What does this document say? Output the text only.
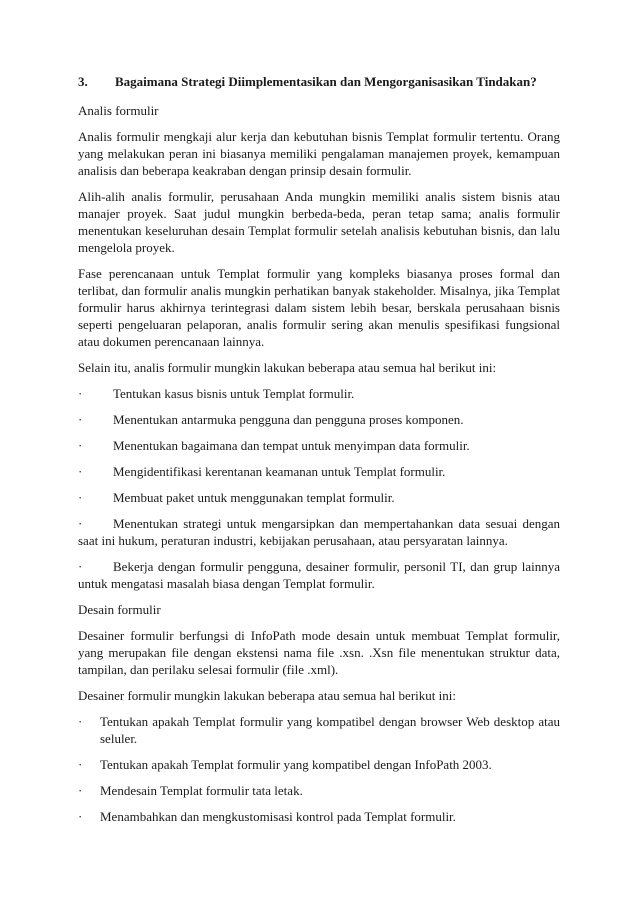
3.	Bagaimana Strategi Diimplementasikan dan Mengorganisasikan Tindakan?
Analis formulir

Analis formulir mengkaji alur kerja dan kebutuhan bisnis Templat formulir tertentu. Orang yang melakukan peran ini biasanya memiliki pengalaman manajemen proyek, kemampuan analisis dan beberapa keakraban dengan prinsip desain formulir.

Alih-alih analis formulir, perusahaan Anda mungkin memiliki analis sistem bisnis atau manajer proyek. Saat judul mungkin berbeda-beda, peran tetap sama; analis formulir menentukan keseluruhan desain Templat formulir setelah analisis kebutuhan bisnis, dan lalu mengelola proyek.

Fase perencanaan untuk Templat formulir yang kompleks biasanya proses formal dan terlibat, dan formulir analis mungkin perhatikan banyak stakeholder. Misalnya, jika Templat formulir harus akhirnya terintegrasi dalam sistem lebih besar, berskala perusahaan bisnis seperti pengeluaran pelaporan, analis formulir sering akan menulis spesifikasi fungsional atau dokumen perencanaan lainnya.

Selain itu, analis formulir mungkin lakukan beberapa atau semua hal berikut ini:

·	Tentukan kasus bisnis untuk Templat formulir.
·	Menentukan antarmuka pengguna dan pengguna proses komponen.
·	Menentukan bagaimana dan tempat untuk menyimpan data formulir.
·	Mengidentifikasi kerentanan keamanan untuk Templat formulir.
·	Membuat paket untuk menggunakan templat formulir.
· Menentukan strategi untuk mengarsipkan dan mempertahankan data sesuai dengan saat ini hukum, peraturan industri, kebijakan perusahaan, atau persyaratan lainnya.
· Bekerja dengan formulir pengguna, desainer formulir, personil TI, dan grup lainnya untuk mengatasi masalah biasa dengan Templat formulir.
Desain formulir

Desainer formulir berfungsi di InfoPath mode desain untuk membuat Templat formulir, yang merupakan file dengan ekstensi nama file .xsn. .Xsn file menentukan struktur data, tampilan, dan perilaku selesai formulir (file .xml).

Desainer formulir mungkin lakukan beberapa atau semua hal berikut ini:

·	Tentukan apakah Templat formulir yang kompatibel dengan browser Web desktop atau seluler.
·	Tentukan apakah Templat formulir yang kompatibel dengan InfoPath 2003.
·	Mendesain Templat formulir tata letak.
·	Menambahkan dan mengkustomisasi kontrol pada Templat formulir.
